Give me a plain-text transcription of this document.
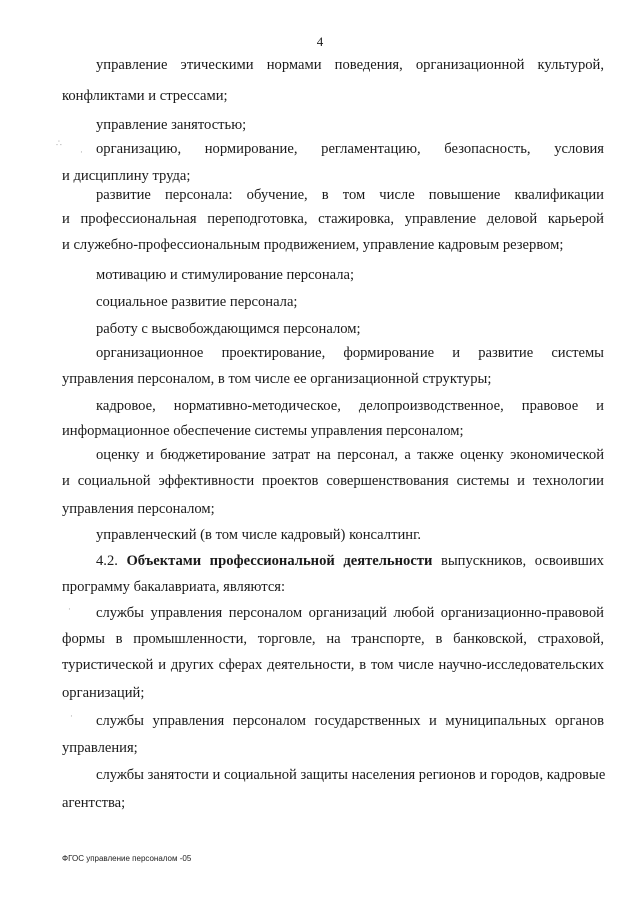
4
управление этическими нормами поведения, организационной культурой,
конфликтами и стрессами;
управление занятостью;
организацию, нормирование, регламентацию, безопасность, условия
и дисциплину труда;
развитие персонала: обучение, в том числе повышение квалификации
и профессиональная переподготовка, стажировка, управление деловой карьерой
и служебно-профессиональным продвижением, управление кадровым резервом;
мотивацию и стимулирование персонала;
социальное развитие персонала;
работу с высвобождающимся персоналом;
организационное проектирование, формирование и развитие системы
управления персоналом, в том числе ее организационной структуры;
кадровое, нормативно-методическое, делопроизводственное, правовое и
информационное обеспечение системы управления персоналом;
оценку и бюджетирование затрат на персонал, а также оценку экономической
и социальной эффективности проектов совершенствования системы и технологии
управления персоналом;
управленческий (в том числе кадровый) консалтинг.
4.2. Объектами профессиональной деятельности выпускников, освоивших
программу бакалавриата, являются:
службы управления персоналом организаций любой организационно-правовой
формы в промышленности, торговле, на транспорте, в банковской, страховой,
туристической и других сферах деятельности, в том числе научно-исследовательских
организаций;
службы управления персоналом государственных и муниципальных органов
управления;
службы занятости и социальной защиты населения регионов и городов, кадровые
агентства;
∴
·
·
·
ФГОС управление персоналом -05
